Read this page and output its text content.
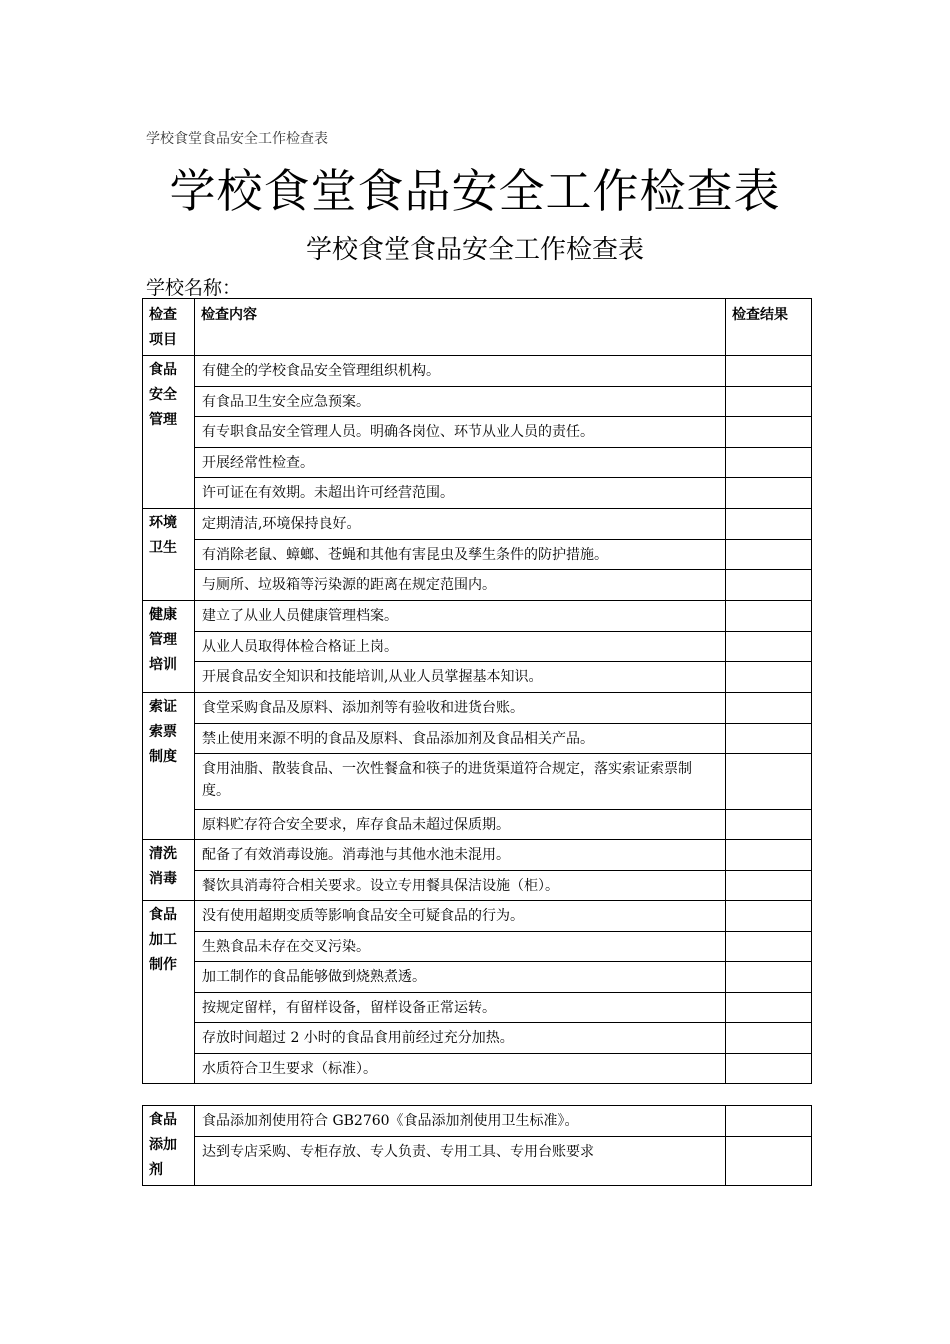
学校食堂食品安全工作检查表
学校食堂食品安全工作检查表
学校食堂食品安全工作检查表
学校名称：
检查
项目	检查内容	检查结果

食品
安全
管理	有健全的学校食品安全管理组织机构。	
	有食品卫生安全应急预案。	
	有专职食品安全管理人员。明确各岗位、环节从业人员的责任。	
	开展经常性检查。	
	许可证在有效期。未超出许可经营范围。	

环境
卫生	定期清洁,环境保持良好。	
	有消除老鼠、蟑螂、苍蝇和其他有害昆虫及孳生条件的防护措施。	
	与厕所、垃圾箱等污染源的距离在规定范围内。	

健康
管理
培训	建立了从业人员健康管理档案。	
	从业人员取得体检合格证上岗。	
	开展食品安全知识和技能培训,从业人员掌握基本知识。	

索证
索票
制度	食堂采购食品及原料、添加剂等有验收和进货台账。	
	禁止使用来源不明的食品及原料、食品添加剂及食品相关产品。	
	食用油脂、散装食品、一次性餐盒和筷子的进货渠道符合规定，落实索证索票制度。	
	原料贮存符合安全要求，库存食品未超过保质期。	

清洗
消毒	配备了有效消毒设施。消毒池与其他水池未混用。	
	餐饮具消毒符合相关要求。设立专用餐具保洁设施（柜）。	

食品
加工
制作	没有使用超期变质等影响食品安全可疑食品的行为。	
	生熟食品未存在交叉污染。	
	加工制作的食品能够做到烧熟煮透。	
	按规定留样，有留样设备，留样设备正常运转。	
	存放时间超过 2 小时的食品食用前经过充分加热。	
	水质符合卫生要求（标准）。	
食品
添加
剂	食品添加剂使用符合 GB2760《食品添加剂使用卫生标准》。	
	达到专店采购、专柜存放、专人负责、专用工具、专用台账要求	
